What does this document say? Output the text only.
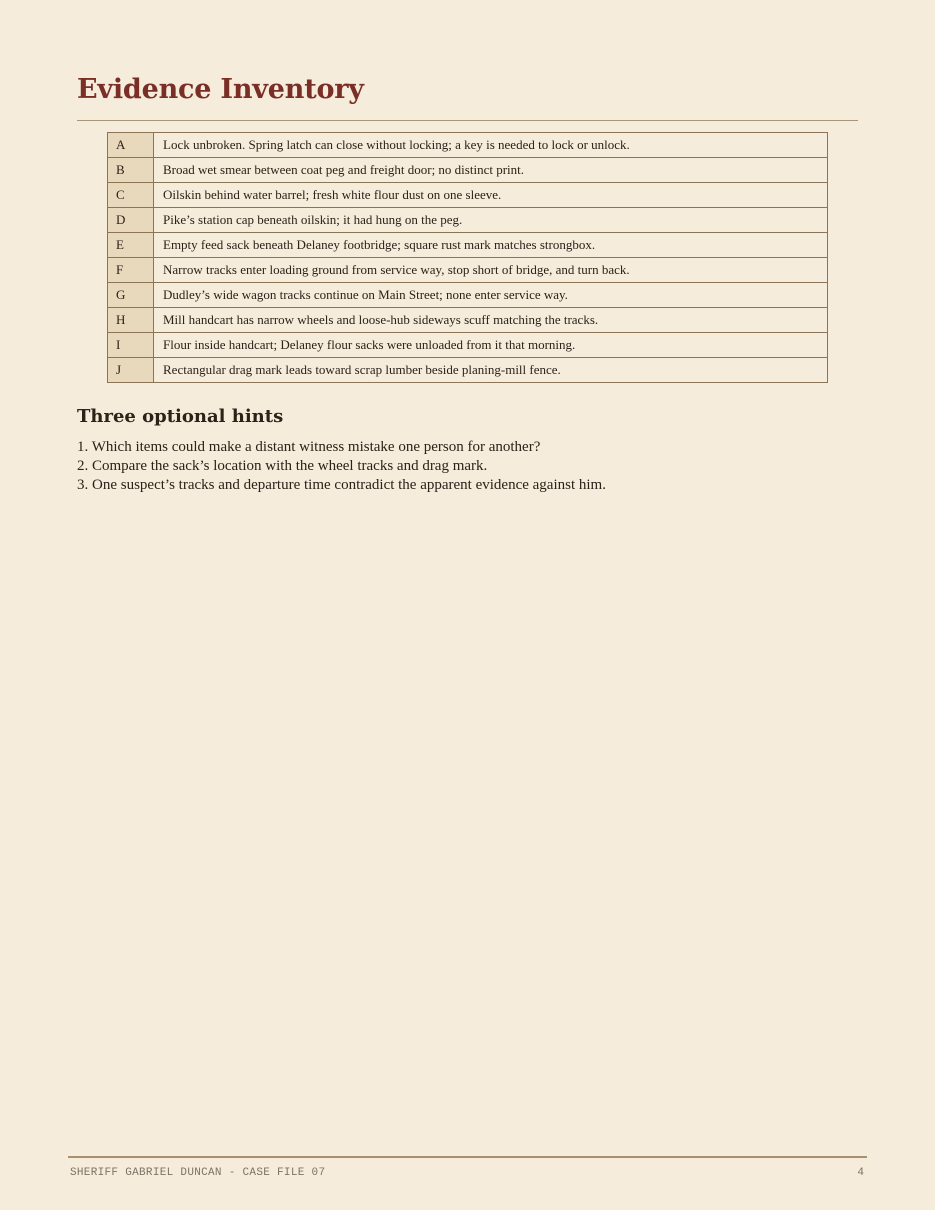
Evidence Inventory
A	Lock unbroken. Spring latch can close without locking; a key is needed to lock or unlock.
B	Broad wet smear between coat peg and freight door; no distinct print.
C	Oilskin behind water barrel; fresh white flour dust on one sleeve.
D	Pike’s station cap beneath oilskin; it had hung on the peg.
E	Empty feed sack beneath Delaney footbridge; square rust mark matches strongbox.
F	Narrow tracks enter loading ground from service way, stop short of bridge, and turn back.
G	Dudley’s wide wagon tracks continue on Main Street; none enter service way.
H	Mill handcart has narrow wheels and loose-hub sideways scuff matching the tracks.
I	Flour inside handcart; Delaney flour sacks were unloaded from it that morning.
J	Rectangular drag mark leads toward scrap lumber beside planing-mill fence.
Three optional hints
1. Which items could make a distant witness mistake one person for another?
2. Compare the sack’s location with the wheel tracks and drag mark.
3. One suspect’s tracks and departure time contradict the apparent evidence against him.
SHERIFF GABRIEL DUNCAN - CASE FILE 07	4
